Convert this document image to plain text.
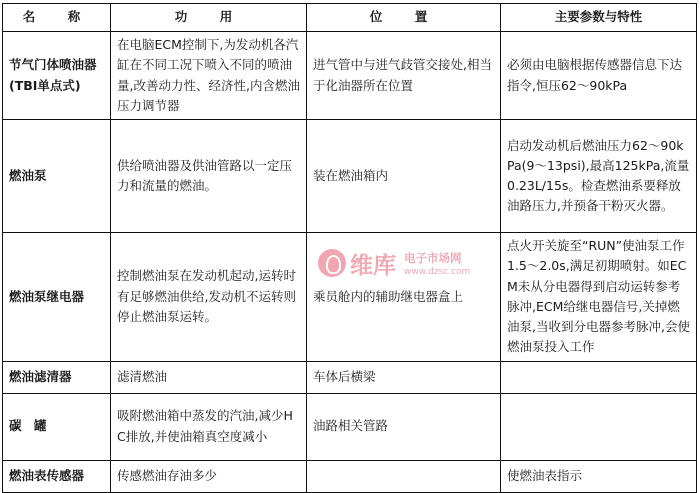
名　称	功　用	位　置	主要参数与特性
节气门体喷油器(TBI单点式)	在电脑ECM控制下,为发动机各汽缸在不同工况下喷入不同的喷油量,改善动力性、经济性,内含燃油压力调节器	进气管中与进气歧管交接处,相当于化油器所在位置	必须由电脑根据传感器信息下达指令,恒压62～90kPa
燃油泵	供给喷油器及供油管路以一定压力和流量的燃油。	装在燃油箱内	启动发动机后燃油压力62～90kPa(9～13psi),最高125kPa,流量0.23L/15s。检查燃油系要释放油路压力,并预备干粉灭火器。
燃油泵继电器	控制燃油泵在发动机起动,运转时有足够燃油供给,发动机不运转则停止燃油泵运转。	乘员舱内的辅助继电器盒上	点火开关旋至“RUN”使油泵工作1.5～2.0s,满足初期喷射。如ECM未从分电器得到启动运转参考脉冲,ECM给继电器信号,关掉燃油泵,当收到分电器参考脉冲,会使燃油泵投入工作
燃油滤清器	滤清燃油	车体后横梁	
碳　罐	吸附燃油箱中蒸发的汽油,减少HC排放,并使油箱真空度减小	油路相关管路	
燃油表传感器	传感燃油存油多少		使燃油表指示
维库 电子市场网
www.dzsc.com
